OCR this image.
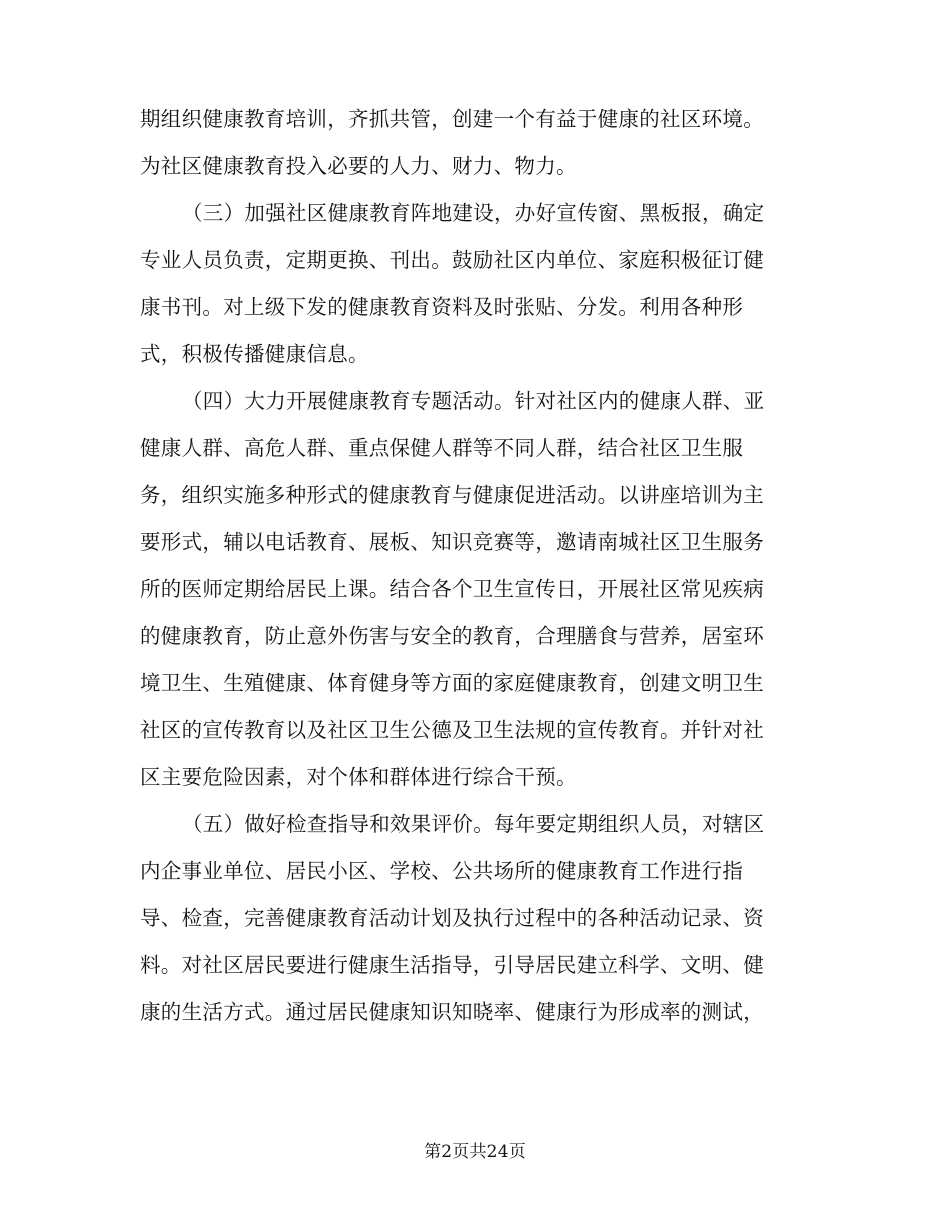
期组织健康教育培训，齐抓共管，创建一个有益于健康的社区环境。
为社区健康教育投入必要的人力、财力、物力。
（三）加强社区健康教育阵地建设，办好宣传窗、黑板报，确定
专业人员负责，定期更换、刊出。鼓励社区内单位、家庭积极征订健
康书刊。对上级下发的健康教育资料及时张贴、分发。利用各种形
式，积极传播健康信息。
（四）大力开展健康教育专题活动。针对社区内的健康人群、亚
健康人群、高危人群、重点保健人群等不同人群，结合社区卫生服
务，组织实施多种形式的健康教育与健康促进活动。以讲座培训为主
要形式，辅以电话教育、展板、知识竞赛等，邀请南城社区卫生服务
所的医师定期给居民上课。结合各个卫生宣传日，开展社区常见疾病
的健康教育，防止意外伤害与安全的教育，合理膳食与营养，居室环
境卫生、生殖健康、体育健身等方面的家庭健康教育，创建文明卫生
社区的宣传教育以及社区卫生公德及卫生法规的宣传教育。并针对社
区主要危险因素，对个体和群体进行综合干预。
（五）做好检查指导和效果评价。每年要定期组织人员，对辖区
内企事业单位、居民小区、学校、公共场所的健康教育工作进行指
导、检查，完善健康教育活动计划及执行过程中的各种活动记录、资
料。对社区居民要进行健康生活指导，引导居民建立科学、文明、健
康的生活方式。通过居民健康知识知晓率、健康行为形成率的测试，
第2页共24页
